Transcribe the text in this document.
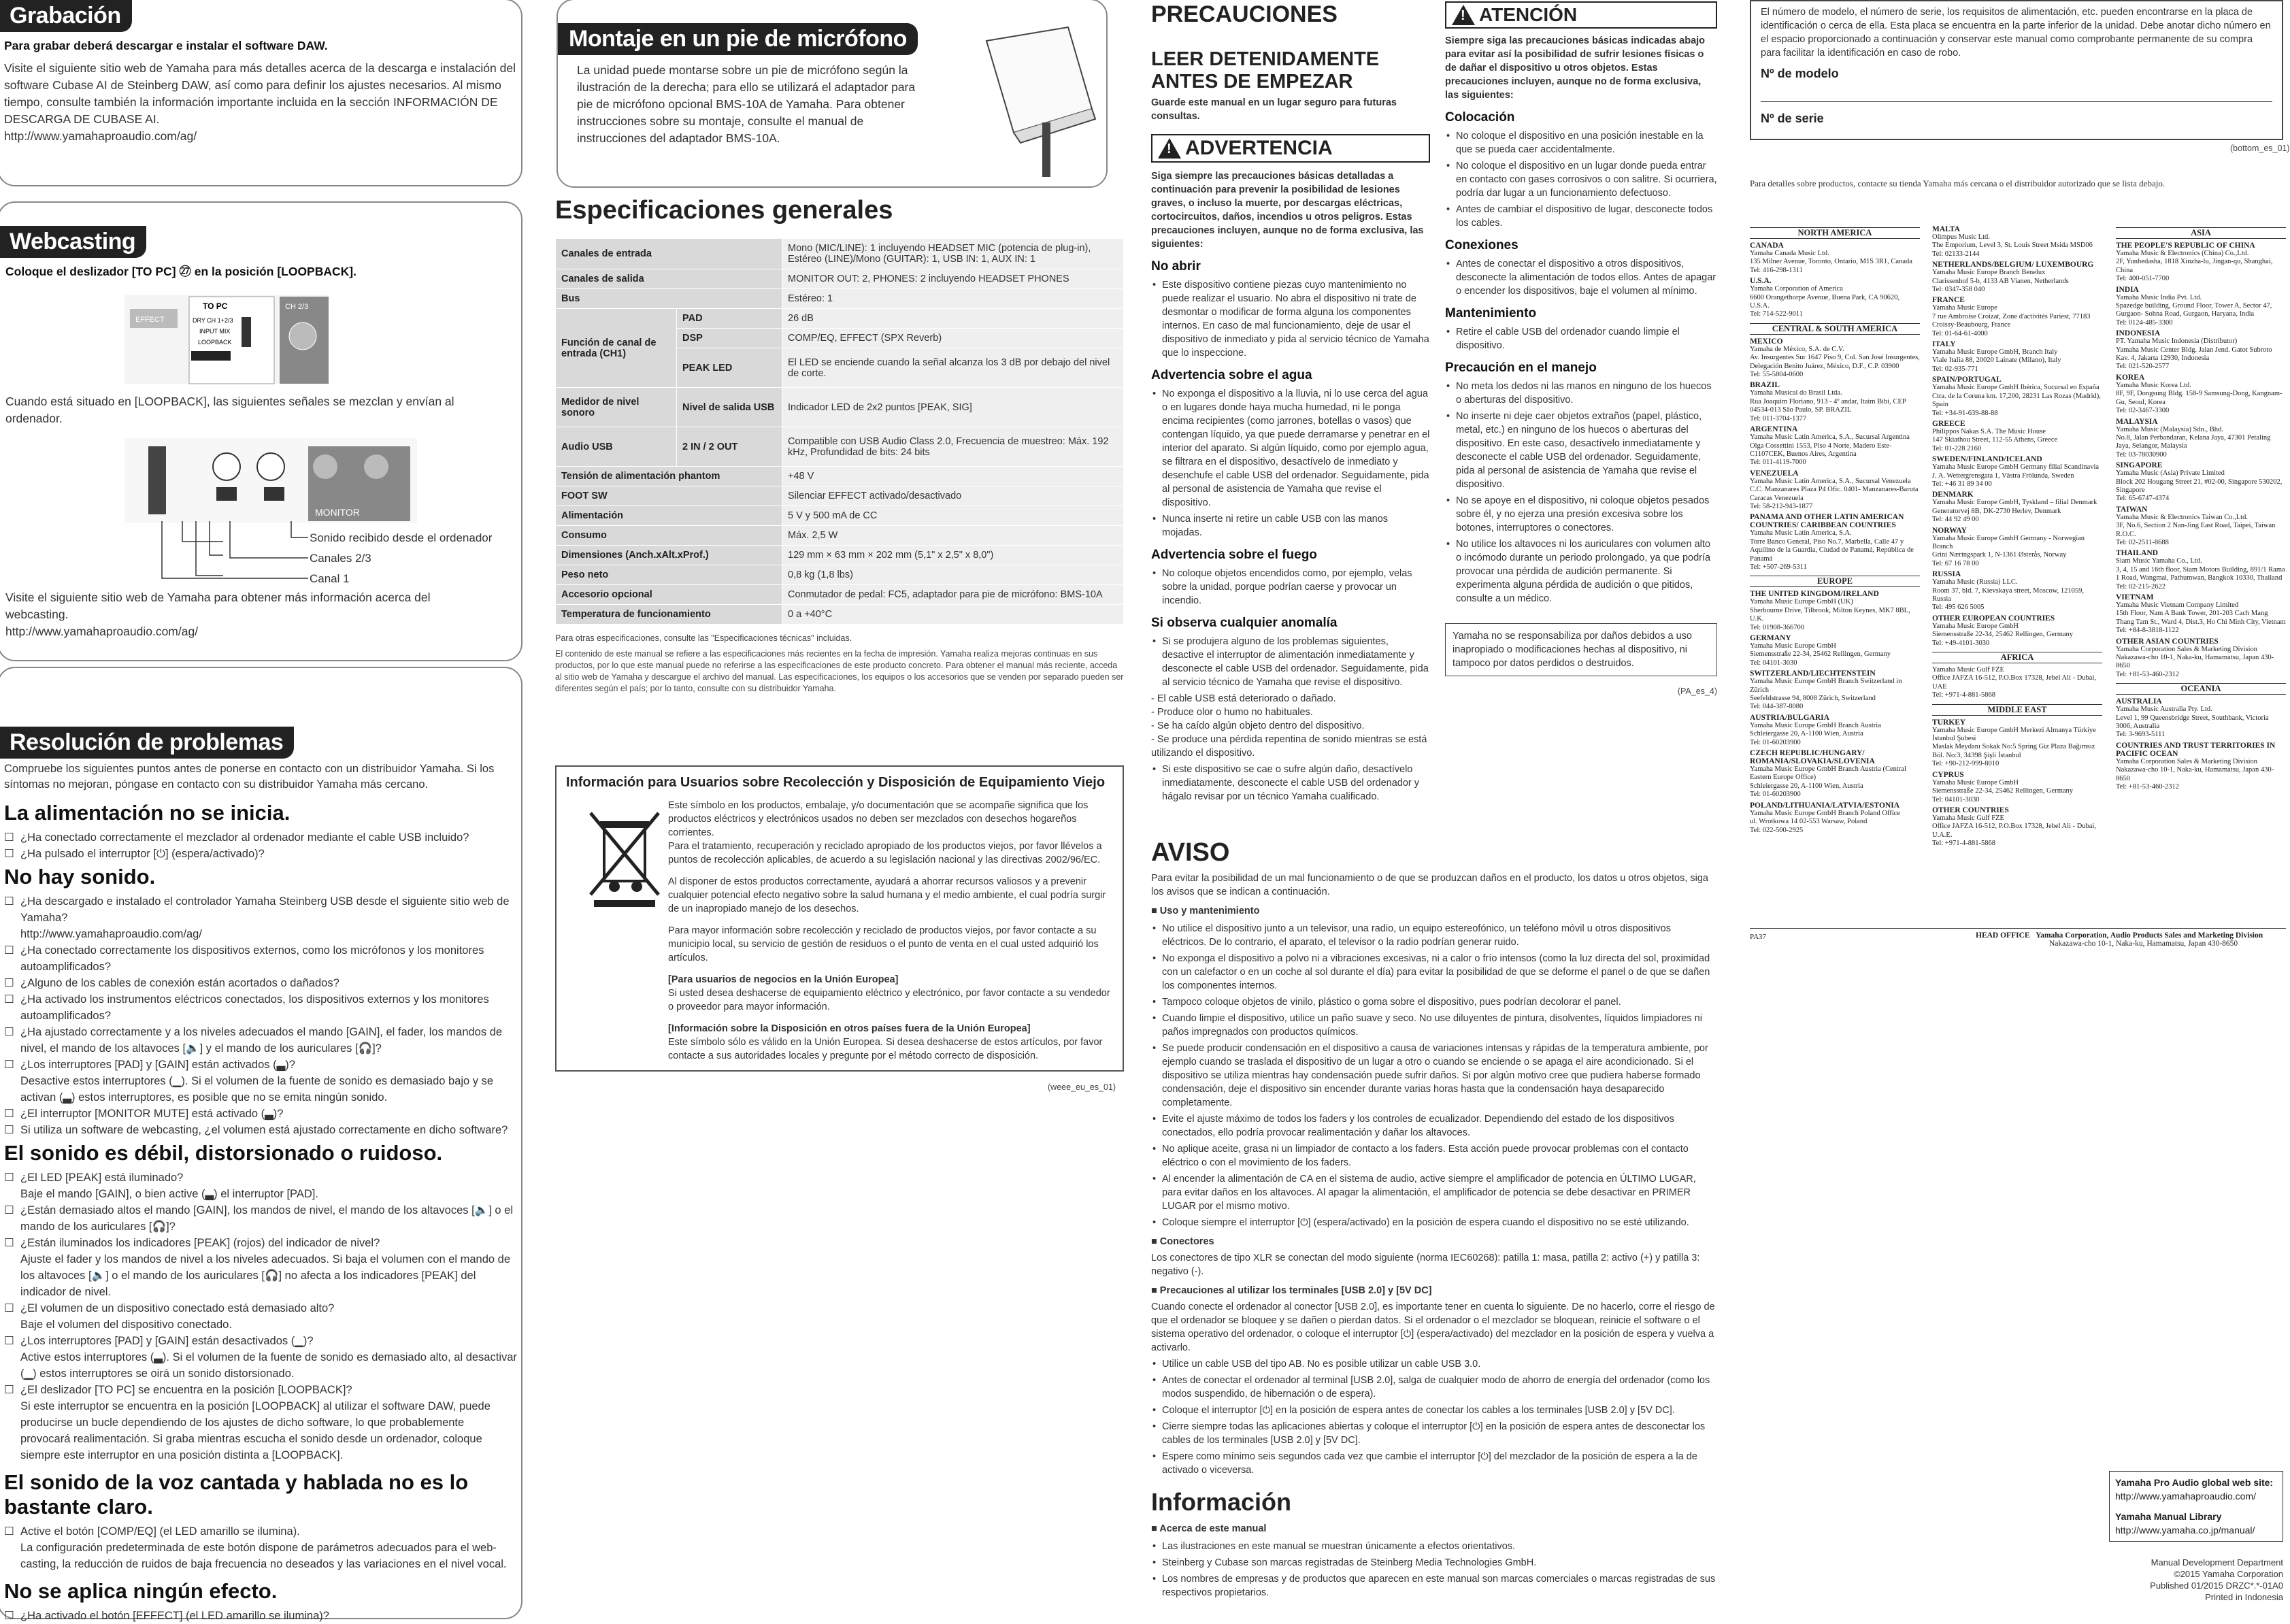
Grabación
Para grabar deberá descargar e instalar el software DAW.
Visite el siguiente sitio web de Yamaha para más detalles acerca de la descarga e instalación del software Cubase AI de Steinberg DAW, así como para definir los ajustes necesarios. Al mismo tiempo, consulte también la información importante incluida en la sección INFORMACIÓN DE DESCARGA DE CUBASE AI.
http://www.yamahaproaudio.com/ag/
Webcasting
Coloque el deslizador [TO PC] ㉗ en la posición [LOOPBACK].
EFFECT
TO PC
DRY CH 1+2/3
INPUT MIX
LOOPBACK
CH 2/3
Cuando está situado en [LOOPBACK], las siguientes señales se mezclan y envían al ordenador.
MONITOR
Sonido recibido desde el ordenador
Canales 2/3
Canal 1
Visite el siguiente sitio web de Yamaha para obtener más información acerca del webcasting.
http://www.yamahaproaudio.com/ag/
Resolución de problemas
Compruebe los siguientes puntos antes de ponerse en contacto con un distribuidor Yamaha. Si los síntomas no mejoran, póngase en contacto con su distribuidor Yamaha más cercano.
La alimentación no se inicia.
☐ ¿Ha conectado correctamente el mezclador al ordenador mediante el cable USB incluido?
☐ ¿Ha pulsado el interruptor [⏻] (espera/activado)?
No hay sonido.
☐ ¿Ha descargado e instalado el controlador Yamaha Steinberg USB desde el siguiente sitio web de Yamaha?
http://www.yamahaproaudio.com/ag/
☐ ¿Ha conectado correctamente los dispositivos externos, como los micrófonos y los monitores autoamplificados?
☐ ¿Alguno de los cables de conexión están acortados o dañados?
☐ ¿Ha activado los instrumentos eléctricos conectados, los dispositivos externos y los monitores autoamplificados?
☐ ¿Ha ajustado correctamente y a los niveles adecuados el mando [GAIN], el fader, los mandos de nivel, el mando de los altavoces [🔈] y el mando de los auriculares [🎧]?
☐ ¿Los interruptores [PAD] y [GAIN] están activados (▃)?
Desactive estos interruptores (▁). Si el volumen de la fuente de sonido es demasiado bajo y se activan (▃) estos interruptores, es posible que no se emita ningún sonido.
☐ ¿El interruptor [MONITOR MUTE] está activado (▃)?
☐ Si utiliza un software de webcasting, ¿el volumen está ajustado correctamente en dicho software?
El sonido es débil, distorsionado o ruidoso.
☐ ¿El LED [PEAK] está iluminado?
Baje el mando [GAIN], o bien active (▃) el interruptor [PAD].
☐ ¿Están demasiado altos el mando [GAIN], los mandos de nivel, el mando de los altavoces [🔈] o el mando de los auriculares [🎧]?
☐ ¿Están iluminados los indicadores [PEAK] (rojos) del indicador de nivel?
Ajuste el fader y los mandos de nivel a los niveles adecuados. Si baja el volumen con el mando de los altavoces [🔈] o el mando de los auriculares [🎧] no afecta a los indicadores [PEAK] del indicador de nivel.
☐ ¿El volumen de un dispositivo conectado está demasiado alto?
Baje el volumen del dispositivo conectado.
☐ ¿Los interruptores [PAD] y [GAIN] están desactivados (▁)?
Active estos interruptores (▃). Si el volumen de la fuente de sonido es demasiado alto, al desactivar (▁) estos interruptores se oirá un sonido distorsionado.
☐ ¿El deslizador [TO PC] se encuentra en la posición [LOOPBACK]?
Si este interruptor se encuentra en la posición [LOOPBACK] al utilizar el software DAW, puede producirse un bucle dependiendo de los ajustes de dicho software, lo que probablemente provocará realimentación. Si graba mientras escucha el sonido desde un ordenador, coloque siempre este interruptor en una posición distinta a [LOOPBACK].
El sonido de la voz cantada y hablada no es lo bastante claro.
☐ Active el botón [COMP/EQ] (el LED amarillo se ilumina).
La configuración predeterminada de este botón dispone de parámetros adecuados para el web-casting, la reducción de ruidos de baja frecuencia no deseados y las variaciones en el nivel vocal.
No se aplica ningún efecto.
☐ ¿Ha activado el botón [EFFECT] (el LED amarillo se ilumina)?
Montaje en un pie de micrófono
La unidad puede montarse sobre un pie de micrófono según la ilustración de la derecha; para ello se utilizará el adaptador para pie de micrófono opcional BMS-10A de Yamaha. Para obtener instrucciones sobre su montaje, consulte el manual de instrucciones del adaptador BMS-10A.
Especificaciones generales
Canales de entrada		Mono (MIC/LINE): 1 incluyendo HEADSET MIC (potencia de plug-in), Estéreo (LINE)/Mono (GUITAR): 1, USB IN: 1, AUX IN: 1
Canales de salida		MONITOR OUT: 2, PHONES: 2 incluyendo HEADSET PHONES
Bus		Estéreo: 1
Función de canal de entrada (CH1)	PAD	26 dB
	DSP	COMP/EQ, EFFECT (SPX Reverb)
	PEAK LED	El LED se enciende cuando la señal alcanza los 3 dB por debajo del nivel de corte.
Medidor de nivel sonoro	Nivel de salida USB	Indicador LED de 2x2 puntos [PEAK, SIG]
Audio USB	2 IN / 2 OUT	Compatible con USB Audio Class 2.0, Frecuencia de muestreo: Máx. 192 kHz, Profundidad de bits: 24 bits
Tensión de alimentación phantom		+48 V
FOOT SW		Silenciar EFFECT activado/desactivado
Alimentación		5 V y 500 mA de CC
Consumo		Máx. 2,5 W
Dimensiones (Anch.xAlt.xProf.)		129 mm × 63 mm × 202 mm (5,1" x 2,5" x 8,0")
Peso neto		0,8 kg (1,8 lbs)
Accesorio opcional		Conmutador de pedal: FC5, adaptador para pie de micrófono: BMS-10A
Temperatura de funcionamiento		0 a +40°C
Para otras especificaciones, consulte las "Especificaciones técnicas" incluidas.
El contenido de este manual se refiere a las especificaciones más recientes en la fecha de impresión. Yamaha realiza mejoras continuas en sus productos, por lo que este manual puede no referirse a las especificaciones de este producto concreto. Para obtener el manual más reciente, acceda al sitio web de Yamaha y descargue el archivo del manual. Las especificaciones, los equipos o los accesorios que se venden por separado pueden ser diferentes según el país; por lo tanto, consulte con su distribuidor Yamaha.
Información para Usuarios sobre Recolección y Disposición de Equipamiento Viejo
Este símbolo en los productos, embalaje, y/o documentación que se acompañe significa que los productos eléctricos y electrónicos usados no deben ser mezclados con desechos hogareños corrientes.
Para el tratamiento, recuperación y reciclado apropiado de los productos viejos, por favor llévelos a puntos de recolección aplicables, de acuerdo a su legislación nacional y las directivas 2002/96/EC.
Al disponer de estos productos correctamente, ayudará a ahorrar recursos valiosos y a prevenir cualquier potencial efecto negativo sobre la salud humana y el medio ambiente, el cual podría surgir de un inapropiado manejo de los desechos.
Para mayor información sobre recolección y reciclado de productos viejos, por favor contacte a su municipio local, su servicio de gestión de residuos o el punto de venta en el cual usted adquirió los artículos.
[Para usuarios de negocios en la Unión Europea]
Si usted desea deshacerse de equipamiento eléctrico y electrónico, por favor contacte a su vendedor o proveedor para mayor información.
[Información sobre la Disposición en otros países fuera de la Unión Europea]
Este símbolo sólo es válido en la Unión Europea. Si desea deshacerse de estos artículos, por favor contacte a sus autoridades locales y pregunte por el método correcto de disposición.
(weee_eu_es_01)
PRECAUCIONES
LEER DETENIDAMENTE ANTES DE EMPEZAR
Guarde este manual en un lugar seguro para futuras consultas.
!
ADVERTENCIA
Siga siempre las precauciones básicas detalladas a continuación para prevenir la posibilidad de lesiones graves, o incluso la muerte, por descargas eléctricas, cortocircuitos, daños, incendios u otros peligros. Estas precauciones incluyen, aunque no de forma exclusiva, las siguientes:
No abrir
• Este dispositivo contiene piezas cuyo mantenimiento no puede realizar el usuario. No abra el dispositivo ni trate de desmontar o modificar de forma alguna los componentes internos. En caso de mal funcionamiento, deje de usar el dispositivo de inmediato y pida al servicio técnico de Yamaha que lo inspeccione.
Advertencia sobre el agua
• No exponga el dispositivo a la lluvia, ni lo use cerca del agua o en lugares donde haya mucha humedad, ni le ponga encima recipientes (como jarrones, botellas o vasos) que contengan líquido, ya que puede derramarse y penetrar en el interior del aparato. Si algún líquido, como por ejemplo agua, se filtrara en el dispositivo, desactívelo de inmediato y desenchufe el cable USB del ordenador. Seguidamente, pida al personal de asistencia de Yamaha que revise el dispositivo.
• Nunca inserte ni retire un cable USB con las manos mojadas.
Advertencia sobre el fuego
• No coloque objetos encendidos como, por ejemplo, velas sobre la unidad, porque podrían caerse y provocar un incendio.
Si observa cualquier anomalía
• Si se produjera alguno de los problemas siguientes, desactive el interruptor de alimentación inmediatamente y desconecte el cable USB del ordenador. Seguidamente, pida al servicio técnico de Yamaha que revise el dispositivo.
- El cable USB está deteriorado o dañado.
- Produce olor o humo no habituales.
- Se ha caído algún objeto dentro del dispositivo.
- Se produce una pérdida repentina de sonido mientras se está utilizando el dispositivo.
• Si este dispositivo se cae o sufre algún daño, desactívelo inmediatamente, desconecte el cable USB del ordenador y hágalo revisar por un técnico Yamaha cualificado.
!
ATENCIÓN
Siempre siga las precauciones básicas indicadas abajo para evitar así la posibilidad de sufrir lesiones físicas o de dañar el dispositivo u otros objetos. Estas precauciones incluyen, aunque no de forma exclusiva, las siguientes:
Colocación
• No coloque el dispositivo en una posición inestable en la que se pueda caer accidentalmente.
• No coloque el dispositivo en un lugar donde pueda entrar en contacto con gases corrosivos o con salitre. Si ocurriera, podría dar lugar a un funcionamiento defectuoso.
• Antes de cambiar el dispositivo de lugar, desconecte todos los cables.
Conexiones
• Antes de conectar el dispositivo a otros dispositivos, desconecte la alimentación de todos ellos. Antes de apagar o encender los dispositivos, baje el volumen al mínimo.
Mantenimiento
• Retire el cable USB del ordenador cuando limpie el dispositivo.
Precaución en el manejo
• No meta los dedos ni las manos en ninguno de los huecos o aberturas del dispositivo.
• No inserte ni deje caer objetos extraños (papel, plástico, metal, etc.) en ninguno de los huecos o aberturas del dispositivo. En este caso, desactívelo inmediatamente y desconecte el cable USB del ordenador. Seguidamente, pida al personal de asistencia de Yamaha que revise el dispositivo.
• No se apoye en el dispositivo, ni coloque objetos pesados sobre él, y no ejerza una presión excesiva sobre los botones, interruptores o conectores.
• No utilice los altavoces ni los auriculares con volumen alto o incómodo durante un periodo prolongado, ya que podría provocar una pérdida de audición permanente. Si experimenta alguna pérdida de audición o que pitidos, consulte a un médico.
Yamaha no se responsabiliza por daños debidos a uso inapropiado o modificaciones hechas al dispositivo, ni tampoco por datos perdidos o destruidos.
(PA_es_4)
AVISO
Para evitar la posibilidad de un mal funcionamiento o de que se produzcan daños en el producto, los datos u otros objetos, siga los avisos que se indican a continuación.
■ Uso y mantenimiento
• No utilice el dispositivo junto a un televisor, una radio, un equipo estereofónico, un teléfono móvil u otros dispositivos eléctricos. De lo contrario, el aparato, el televisor o la radio podrían generar ruido.
• No exponga el dispositivo a polvo ni a vibraciones excesivas, ni a calor o frío intensos (como la luz directa del sol, proximidad con un calefactor o en un coche al sol durante el día) para evitar la posibilidad de que se deforme el panel o de que se dañen los componentes internos.
• Tampoco coloque objetos de vinilo, plástico o goma sobre el dispositivo, pues podrían decolorar el panel.
• Cuando limpie el dispositivo, utilice un paño suave y seco. No use diluyentes de pintura, disolventes, líquidos limpiadores ni paños impregnados con productos químicos.
• Se puede producir condensación en el dispositivo a causa de variaciones intensas y rápidas de la temperatura ambiente, por ejemplo cuando se traslada el dispositivo de un lugar a otro o cuando se enciende o se apaga el aire acondicionado. Si el dispositivo se utiliza mientras hay condensación puede sufrir daños. Si por algún motivo cree que pudiera haberse formado condensación, deje el dispositivo sin encender durante varias horas hasta que la condensación haya desaparecido completamente.
• Evite el ajuste máximo de todos los faders y los controles de ecualizador. Dependiendo del estado de los dispositivos conectados, ello podría provocar realimentación y dañar los altavoces.
• No aplique aceite, grasa ni un limpiador de contacto a los faders. Esta acción puede provocar problemas con el contacto eléctrico o con el movimiento de los faders.
• Al encender la alimentación de CA en el sistema de audio, active siempre el amplificador de potencia en ÚLTIMO LUGAR, para evitar daños en los altavoces. Al apagar la alimentación, el amplificador de potencia se debe desactivar en PRIMER LUGAR por el mismo motivo.
• Coloque siempre el interruptor [⏻] (espera/activado) en la posición de espera cuando el dispositivo no se esté utilizando.
■ Conectores
Los conectores de tipo XLR se conectan del modo siguiente (norma IEC60268): patilla 1: masa, patilla 2: activo (+) y patilla 3: negativo (-).
■ Precauciones al utilizar los terminales [USB 2.0] y [5V DC]
Cuando conecte el ordenador al conector [USB 2.0], es importante tener en cuenta lo siguiente. De no hacerlo, corre el riesgo de que el ordenador se bloquee y se dañen o pierdan datos. Si el ordenador o el mezclador se bloquean, reinicie el software o el sistema operativo del ordenador, o coloque el interruptor [⏻] (espera/activado) del mezclador en la posición de espera y vuelva a activarlo.
• Utilice un cable USB del tipo AB. No es posible utilizar un cable USB 3.0.
• Antes de conectar el ordenador al terminal [USB 2.0], salga de cualquier modo de ahorro de energía del ordenador (como los modos suspendido, de hibernación o de espera).
• Coloque el interruptor [⏻] en la posición de espera antes de conectar los cables a los terminales [USB 2.0] y [5V DC].
• Cierre siempre todas las aplicaciones abiertas y coloque el interruptor [⏻] en la posición de espera antes de desconectar los cables de los terminales [USB 2.0] y [5V DC].
• Espere como mínimo seis segundos cada vez que cambie el interruptor [⏻] del mezclador de la posición de espera a la de activado o viceversa.
Información
■ Acerca de este manual
• Las ilustraciones en este manual se muestran únicamente a efectos orientativos.
• Steinberg y Cubase son marcas registradas de Steinberg Media Technologies GmbH.
• Los nombres de empresas y de productos que aparecen en este manual son marcas comerciales o marcas registradas de sus respectivos propietarios.
El número de modelo, el número de serie, los requisitos de alimentación, etc. pueden encontrarse en la placa de identificación o cerca de ella. Esta placa se encuentra en la parte inferior de la unidad. Debe anotar dicho número en el espacio proporcionado a continuación y conservar este manual como comprobante permanente de su compra para facilitar la identificación en caso de robo.
Nº de modelo
Nº de serie
(bottom_es_01)
Para detalles sobre productos, contacte su tienda Yamaha más cercana o el distribuidor autorizado que se lista debajo.
NORTH AMERICA
CANADA
Yamaha Canada Music Ltd.
135 Milner Avenue, Toronto, Ontario, M1S 3R1, Canada
Tel: 416-298-1311
U.S.A.
Yamaha Corporation of America
6600 Orangethorpe Avenue, Buena Park, CA 90620, U.S.A.
Tel: 714-522-9011
CENTRAL & SOUTH AMERICA
MEXICO
Yamaha de México, S.A. de C.V.
Av. Insurgentes Sur 1647 Piso 9, Col. San José Insurgentes, Delegación Benito Juárez, México, D.F., C.P. 03900
Tel: 55-5804-0600
BRAZIL
Yamaha Musical do Brasil Ltda.
Rua Joaquim Floriano, 913 - 4º andar, Itaim Bibi, CEP 04534-013 São Paulo, SP. BRAZIL
Tel: 011-3704-1377
ARGENTINA
Yamaha Music Latin America, S.A., Sucursal Argentina
Olga Cossettini 1553, Piso 4 Norte, Madero Este-C1107CEK, Buenos Aires, Argentina
Tel: 011-4119-7000
VENEZUELA
Yamaha Music Latin America, S.A., Sucursal Venezuela
C.C. Manzanares Plaza P4 Ofic. 0401- Manzanares-Baruta Caracas Venezuela
Tel: 58-212-943-1877
PANAMA AND OTHER LATIN AMERICAN COUNTRIES/ CARIBBEAN COUNTRIES
Yamaha Music Latin America, S.A.
Torre Banco General, Piso No.7, Marbella, Calle 47 y Aquilino de la Guardia, Ciudad de Panamá, República de Panamá
Tel: +507-269-5311
EUROPE
THE UNITED KINGDOM/IRELAND
Yamaha Music Europe GmbH (UK)
Sherbourne Drive, Tilbrook, Milton Keynes, MK7 8BL, U.K.
Tel: 01908-366700
GERMANY
Yamaha Music Europe GmbH
Siemensstraße 22-34, 25462 Rellingen, Germany
Tel: 04101-3030
SWITZERLAND/LIECHTENSTEIN
Yamaha Music Europe GmbH Branch Switzerland in Zürich
Seefeldstrasse 94, 8008 Zürich, Switzerland
Tel: 044-387-8080
AUSTRIA/BULGARIA
Yamaha Music Europe GmbH Branch Austria
Schleiergasse 20, A-1100 Wien, Austria
Tel: 01-60203900
CZECH REPUBLIC/HUNGARY/ ROMANIA/SLOVAKIA/SLOVENIA
Yamaha Music Europe GmbH Branch Austria (Central Eastern Europe Office)
Schleiergasse 20, A-1100 Wien, Austria
Tel: 01-60203900
POLAND/LITHUANIA/LATVIA/ESTONIA
Yamaha Music Europe GmbH Branch Poland Office
ul. Wrotkowa 14 02-553 Warsaw, Poland
Tel: 022-500-2925
MALTA
Olimpus Music Ltd.
The Emporium, Level 3, St. Louis Street Msida MSD06
Tel: 02133-2144
NETHERLANDS/BELGIUM/ LUXEMBOURG
Yamaha Music Europe Branch Benelux
Clarissenhof 5-b, 4133 AB Vianen, Netherlands
Tel: 0347-358 040
FRANCE
Yamaha Music Europe
7 rue Ambroise Croizat, Zone d'activités Pariest, 77183 Croissy-Beaubourg, France
Tel: 01-64-61-4000
ITALY
Yamaha Music Europe GmbH, Branch Italy
Viale Italia 88, 20020 Lainate (Milano), Italy
Tel: 02-935-771
SPAIN/PORTUGAL
Yamaha Music Europe GmbH Ibérica, Sucursal en España
Ctra. de la Coruna km. 17,200, 28231 Las Rozas (Madrid), Spain
Tel: +34-91-639-88-88
GREECE
Philippos Nakas S.A. The Music House
147 Skiathou Street, 112-55 Athens, Greece
Tel: 01-228 2160
SWEDEN/FINLAND/ICELAND
Yamaha Music Europe GmbH Germany filial Scandinavia
J. A. Wettergrensgata 1, Västra Frölunda, Sweden
Tel: +46 31 89 34 00
DENMARK
Yamaha Music Europe GmbH, Tyskland – filial Denmark
Generatorvej 8B, DK-2730 Herlev, Denmark
Tel: 44 92 49 00
NORWAY
Yamaha Music Europe GmbH Germany - Norwegian Branch
Grini Næringspark 1, N-1361 Østerås, Norway
Tel: 67 16 78 00
RUSSIA
Yamaha Music (Russia) LLC.
Room 37, bld. 7, Kievskaya street, Moscow, 121059, Russia
Tel: 495 626 5005
OTHER EUROPEAN COUNTRIES
Yamaha Music Europe GmbH
Siemensstraße 22-34, 25462 Rellingen, Germany
Tel: +49-4101-3030
AFRICA
Yamaha Music Gulf FZE
Office JAFZA 16-512, P.O.Box 17328, Jebel Ali - Dubai, UAE
Tel: +971-4-881-5868
MIDDLE EAST
TURKEY
Yamaha Music Europe GmbH Merkezi Almanya Türkiye İstanbul Şubesi
Maslak Meydanı Sokak No:5 Spring Giz Plaza Bağımsız Böl. No:3, 34398 Şişli İstanbul
Tel: +90-212-999-8010
CYPRUS
Yamaha Music Europe GmbH
Siemensstraße 22-34, 25462 Rellingen, Germany
Tel: 04101-3030
OTHER COUNTRIES
Yamaha Music Gulf FZE
Office JAFZA 16-512, P.O.Box 17328, Jebel Ali - Dubai, U.A.E.
Tel: +971-4-881-5868
ASIA
THE PEOPLE'S REPUBLIC OF CHINA
Yamaha Music & Electronics (China) Co.,Ltd.
2F, Yunhedasha, 1818 Xinzha-lu, Jingan-qu, Shanghai, China
Tel: 400-051-7700
INDIA
Yamaha Music India Pvt. Ltd.
Spazedge building, Ground Floor, Tower A, Sector 47, Gurgaon- Sohna Road, Gurgaon, Haryana, India
Tel: 0124-485-3300
INDONESIA
PT. Yamaha Music Indonesia (Distributor)
Yamaha Music Center Bldg. Jalan Jend. Gatot Subroto Kav. 4, Jakarta 12930, Indonesia
Tel: 021-520-2577
KOREA
Yamaha Music Korea Ltd.
8F, 9F, Dongsung Bldg. 158-9 Samsung-Dong, Kangnam-Gu, Seoul, Korea
Tel: 02-3467-3300
MALAYSIA
Yamaha Music (Malaysia) Sdn., Bhd.
No.8, Jalan Perbandaran, Kelana Jaya, 47301 Petaling Jaya, Selangor, Malaysia
Tel: 03-78030900
SINGAPORE
Yamaha Music (Asia) Private Limited
Block 202 Hougang Street 21, #02-00, Singapore 530202, Singapore
Tel: 65-6747-4374
TAIWAN
Yamaha Music & Electronics Taiwan Co.,Ltd.
3F, No.6, Section 2 Nan-Jing East Road, Taipei, Taiwan R.O.C.
Tel: 02-2511-8688
THAILAND
Siam Music Yamaha Co., Ltd.
3, 4, 15 and 16th floor, Siam Motors Building, 891/1 Rama 1 Road, Wangmai, Pathumwan, Bangkok 10330, Thailand
Tel: 02-215-2622
VIETNAM
Yamaha Music Vietnam Company Limited
15th Floor, Nam A Bank Tower, 201-203 Cach Mang Thang Tam St., Ward 4, Dist.3, Ho Chi Minh City, Vietnam
Tel: +84-8-3818-1122
OTHER ASIAN COUNTRIES
Yamaha Corporation Sales & Marketing Division
Nakazawa-cho 10-1, Naka-ku, Hamamatsu, Japan 430-8650
Tel: +81-53-460-2312
OCEANIA
AUSTRALIA
Yamaha Music Australia Pty. Ltd.
Level 1, 99 Queensbridge Street, Southbank, Victoria 3006, Australia
Tel: 3-9693-5111
COUNTRIES AND TRUST TERRITORIES IN PACIFIC OCEAN
Yamaha Corporation Sales & Marketing Division
Nakazawa-cho 10-1, Naka-ku, Hamamatsu, Japan 430-8650
Tel: +81-53-460-2312
PA37	HEAD OFFICE Yamaha Corporation, Audio Products Sales and Marketing Division
Nakazawa-cho 10-1, Naka-ku, Hamamatsu, Japan 430-8650
Yamaha Pro Audio global web site:
http://www.yamahaproaudio.com/
Yamaha Manual Library
http://www.yamaha.co.jp/manual/
Manual Development Department
©2015 Yamaha Corporation
Published 01/2015 DRZC*.*-01A0
Printed in Indonesia
